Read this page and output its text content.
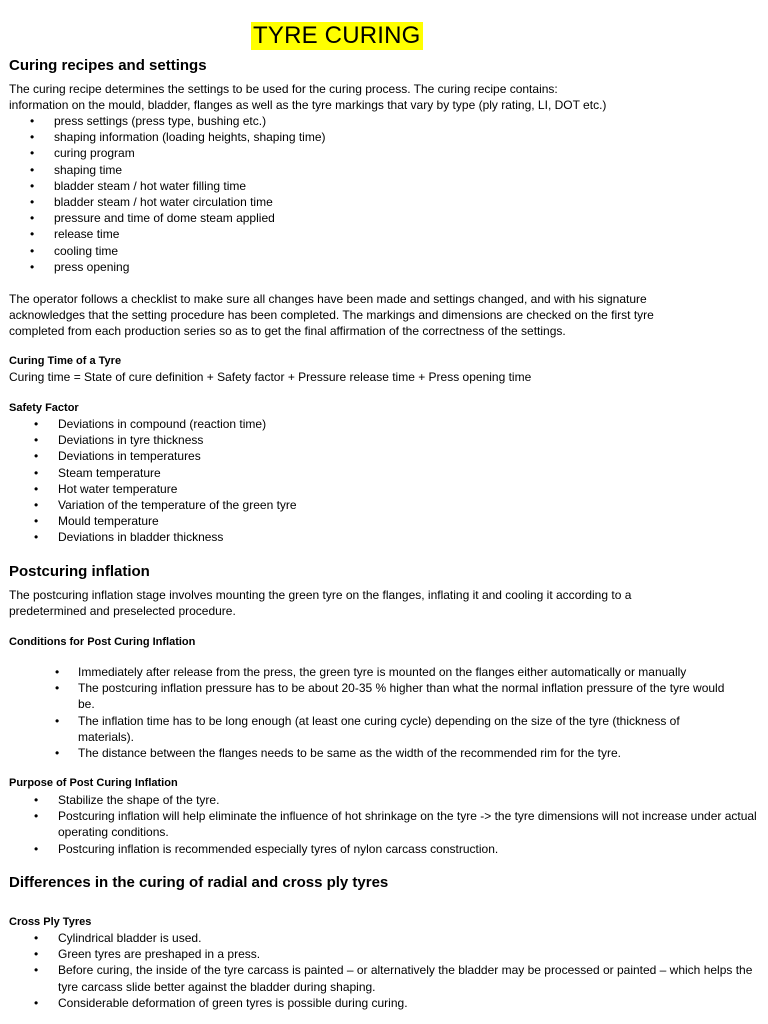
TYRE CURING
Curing recipes and settings

The curing recipe determines the settings to be used for the curing process. The curing recipe contains:
information on the mould, bladder, flanges as well as the tyre markings that vary by type (ply rating, LI, DOT etc.)

• press settings (press type, bushing etc.)
• shaping information (loading heights, shaping time)
• curing program
• shaping time
• bladder steam / hot water filling time
• bladder steam / hot water circulation time
• pressure and time of dome steam applied
• release time
• cooling time
• press opening

The operator follows a checklist to make sure all changes have been made and settings changed, and with his signature
acknowledges that the setting procedure has been completed. The markings and dimensions are checked on the first tyre
completed from each production series so as to get the final affirmation of the correctness of the settings.

Curing Time of a Tyre

Curing time = State of cure definition + Safety factor + Pressure release time + Press opening time

Safety Factor
• Deviations in compound (reaction time)
• Deviations in tyre thickness
• Deviations in temperatures
• Steam temperature
• Hot water temperature
• Variation of the temperature of the green tyre
• Mould temperature
• Deviations in bladder thickness
Postcuring inflation

The postcuring inflation stage involves mounting the green tyre on the flanges, inflating it and cooling it according to a
predetermined and preselected procedure.

Conditions for Post Curing Inflation
• Immediately after release from the press, the green tyre is mounted on the flanges either automatically or manually
• The postcuring inflation pressure has to be about 20-35 % higher than what the normal inflation pressure of the tyre would be.
• The inflation time has to be long enough (at least one curing cycle) depending on the size of the tyre (thickness of materials).
• The distance between the flanges needs to be same as the width of the recommended rim for the tyre.
Purpose of Post Curing Inflation
• Stabilize the shape of the tyre.
• Postcuring inflation will help eliminate the influence of hot shrinkage on the tyre -> the tyre dimensions will not increase under actual operating conditions.
• Postcuring inflation is recommended especially tyres of nylon carcass construction.
Differences in the curing of radial and cross ply tyres
Cross Ply Tyres
• Cylindrical bladder is used.
• Green tyres are preshaped in a press.
• Before curing, the inside of the tyre carcass is painted – or alternatively the bladder may be processed or painted – which helps the tyre carcass slide better against the bladder during shaping.
• Considerable deformation of green tyres is possible during curing.
